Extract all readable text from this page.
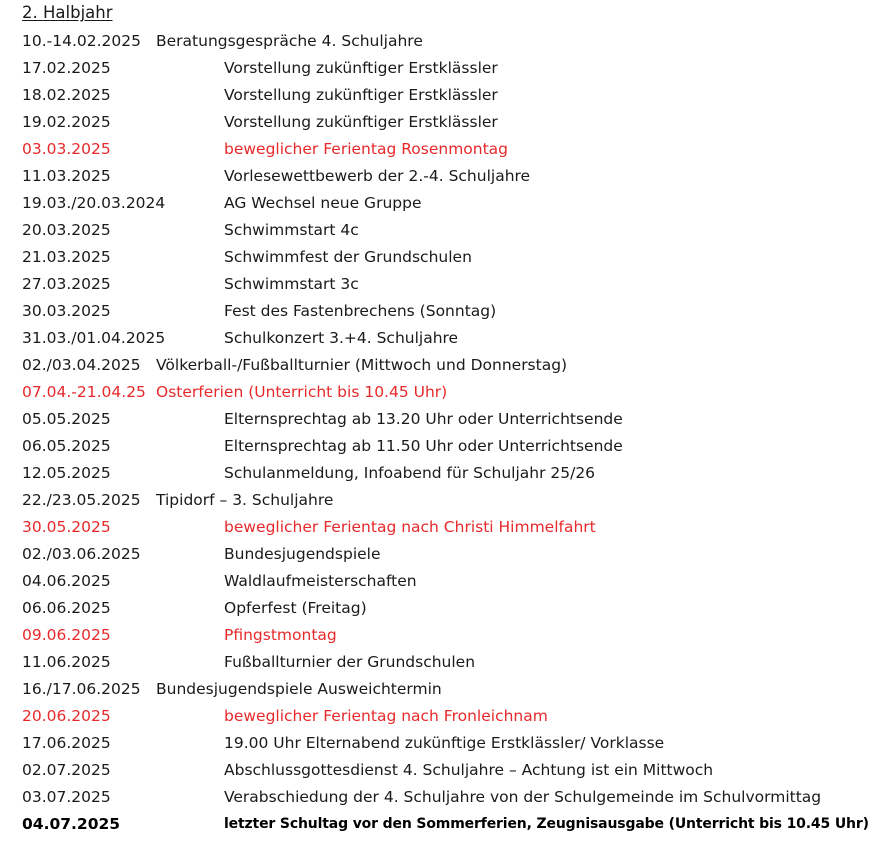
2. Halbjahr
10.-14.02.2025 Beratungsgespräche 4. Schuljahre
17.02.2025	Vorstellung zukünftiger Erstklässler
18.02.2025	Vorstellung zukünftiger Erstklässler
19.02.2025	Vorstellung zukünftiger Erstklässler
03.03.2025	beweglicher Ferientag Rosenmontag
11.03.2025	Vorlesewettbewerb der 2.-4. Schuljahre
19.03./20.03.2024	AG Wechsel neue Gruppe
20.03.2025	Schwimmstart 4c
21.03.2025	Schwimmfest der Grundschulen
27.03.2025	Schwimmstart 3c
30.03.2025	Fest des Fastenbrechens (Sonntag)
31.03./01.04.2025	Schulkonzert 3.+4. Schuljahre
02./03.04.2025 Völkerball-/Fußballturnier (Mittwoch und Donnerstag)
07.04.-21.04.25 Osterferien (Unterricht bis 10.45 Uhr)
05.05.2025	Elternsprechtag ab 13.20 Uhr oder Unterrichtsende
06.05.2025	Elternsprechtag ab 11.50 Uhr oder Unterrichtsende
12.05.2025	Schulanmeldung, Infoabend für Schuljahr 25/26
22./23.05.2025 Tipidorf – 3. Schuljahre
30.05.2025	beweglicher Ferientag nach Christi Himmelfahrt
02./03.06.2025	Bundesjugendspiele
04.06.2025	Waldlaufmeisterschaften
06.06.2025	Opferfest (Freitag)
09.06.2025	Pfingstmontag
11.06.2025	Fußballturnier der Grundschulen
16./17.06.2025 Bundesjugendspiele Ausweichtermin
20.06.2025	beweglicher Ferientag nach Fronleichnam
17.06.2025	19.00 Uhr Elternabend zukünftige Erstklässler/ Vorklasse
02.07.2025	Abschlussgottesdienst 4. Schuljahre – Achtung ist ein Mittwoch
03.07.2025	Verabschiedung der 4. Schuljahre von der Schulgemeinde im Schulvormittag
04.07.2025	letzter Schultag vor den Sommerferien, Zeugnisausgabe (Unterricht bis 10.45 Uhr)
